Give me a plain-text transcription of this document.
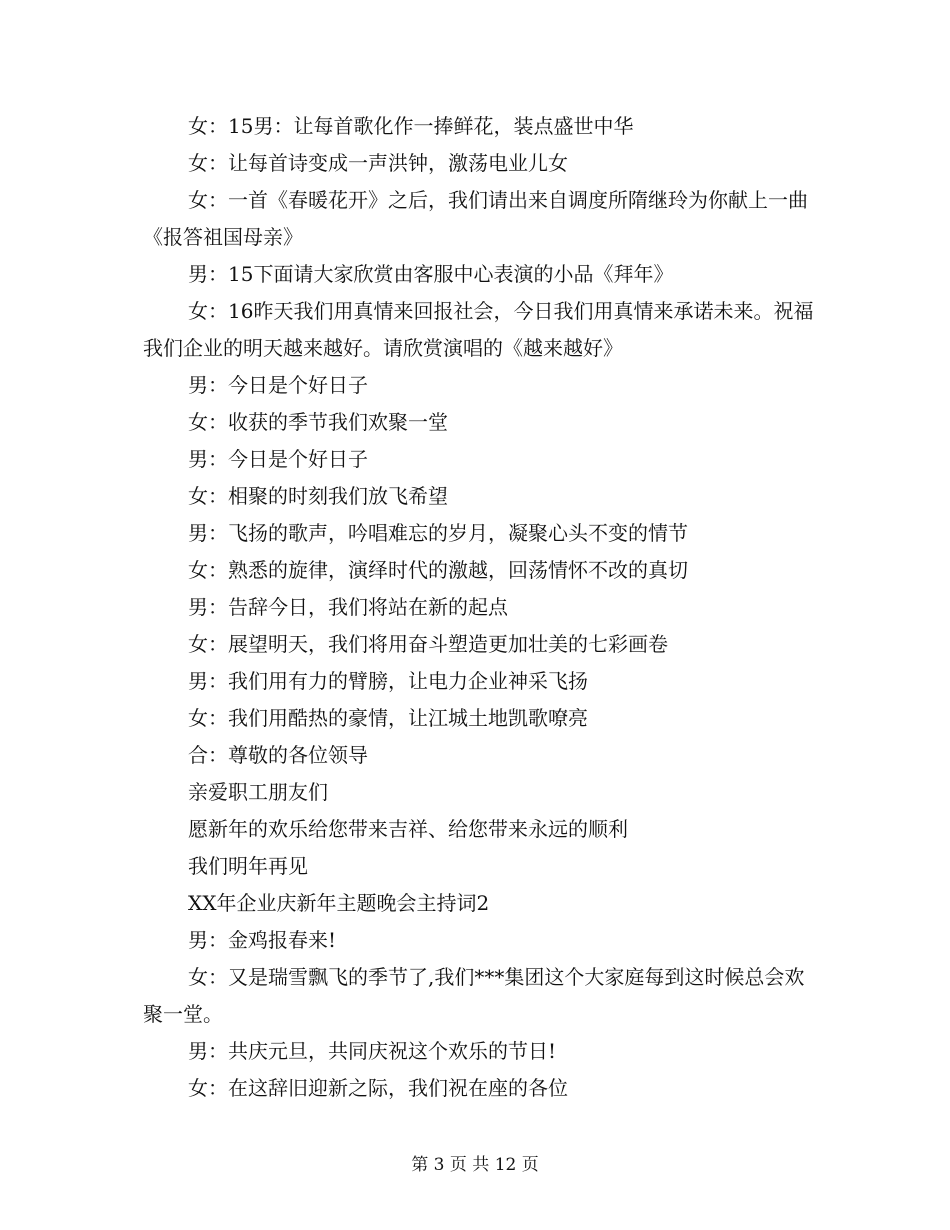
女：15男：让每首歌化作一捧鲜花，装点盛世中华

女：让每首诗变成一声洪钟，激荡电业儿女

女：一首《春暖花开》之后，我们请出来自调度所隋继玲为你献上一曲《报答祖国母亲》

男：15下面请大家欣赏由客服中心表演的小品《拜年》

女：16昨天我们用真情来回报社会，今日我们用真情来承诺未来。祝福我们企业的明天越来越好。请欣赏演唱的《越来越好》

男：今日是个好日子

女：收获的季节我们欢聚一堂

男：今日是个好日子

女：相聚的时刻我们放飞希望

男：飞扬的歌声，吟唱难忘的岁月，凝聚心头不变的情节

女：熟悉的旋律，演绎时代的激越，回荡情怀不改的真切

男：告辞今日，我们将站在新的起点

女：展望明天，我们将用奋斗塑造更加壮美的七彩画卷

男：我们用有力的臂膀，让电力企业神采飞扬

女：我们用酷热的豪情，让江城土地凯歌嘹亮

合：尊敬的各位领导

亲爱职工朋友们

愿新年的欢乐给您带来吉祥、给您带来永远的顺利

我们明年再见

XX年企业庆新年主题晚会主持词2

男：金鸡报春来!

女：又是瑞雪飘飞的季节了,我们***集团这个大家庭每到这时候总会欢聚一堂。

男：共庆元旦，共同庆祝这个欢乐的节日!

女：在这辞旧迎新之际，我们祝在座的各位

第 3 页 共 12 页
